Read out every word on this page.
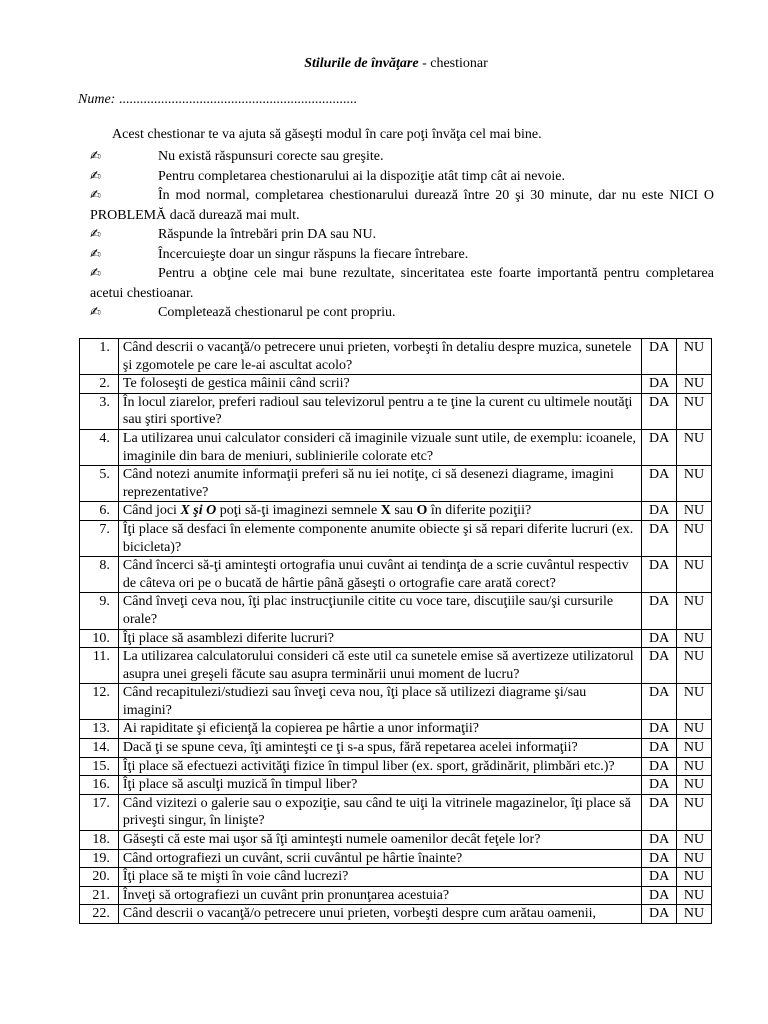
Stilurile de învăţare - chestionar
Nume: ....................................................................
Acest chestionar te va ajuta să găseşti modul în care poţi învăţa cel mai bine.
✍	Nu există răspunsuri corecte sau greşite.
✍	Pentru completarea chestionarului ai la dispoziţie atât timp cât ai nevoie.
✍	În mod normal, completarea chestionarului durează între 20 şi 30 minute, dar nu este NICI O PROBLEMĂ dacă durează mai mult.
✍	Răspunde la întrebări prin DA sau NU.
✍	Încercuieşte doar un singur răspuns la fiecare întrebare.
✍	Pentru a obţine cele mai bune rezultate, sinceritatea este foarte importantă pentru completarea acetui chestioanar.
✍	Completează chestionarul pe cont propriu.
1.	Când descrii o vacanţă/o petrecere unui prieten, vorbeşti în detaliu despre muzica, sunetele şi zgomotele pe care le-ai ascultat acolo?	DA	NU
2.	Te foloseşti de gestica mâinii când scrii?	DA	NU
3.	În locul ziarelor, preferi radioul sau televizorul pentru a te ţine la curent cu ultimele noutăţi sau ştiri sportive?	DA	NU
4.	La utilizarea unui calculator consideri că imaginile vizuale sunt utile, de exemplu: icoanele, imaginile din bara de meniuri, sublinierile colorate etc?	DA	NU
5.	Când notezi anumite informaţii preferi să nu iei notiţe, ci să desenezi diagrame, imagini reprezentative?	DA	NU
6.	Când joci X şi O poţi să-ţi imaginezi semnele X sau O în diferite poziţii?	DA	NU
7.	Îţi place să desfaci în elemente componente anumite obiecte şi să repari diferite lucruri (ex. bicicleta)?	DA	NU
8.	Când încerci să-ţi aminteşti ortografia unui cuvânt ai tendinţa de a scrie cuvântul respectiv de câteva ori pe o bucată de hârtie până găseşti o ortografie care arată corect?	DA	NU
9.	Când înveţi ceva nou, îţi plac instrucţiunile citite cu voce tare, discuţiile sau/şi cursurile orale?	DA	NU
10.	Îţi place să asamblezi diferite lucruri?	DA	NU
11.	La utilizarea calculatorului consideri că este util ca sunetele emise să avertizeze utilizatorul asupra unei greşeli făcute sau asupra terminării unui moment de lucru?	DA	NU
12.	Când recapitulezi/studiezi sau înveţi ceva nou, îţi place să utilizezi diagrame şi/sau imagini?	DA	NU
13.	Ai rapiditate şi eficienţă la copierea pe hârtie a unor informaţii?	DA	NU
14.	Dacă ţi se spune ceva, îţi aminteşti ce ţi s-a spus, fără repetarea acelei informaţii?	DA	NU
15.	Îţi place să efectuezi activităţi fizice în timpul liber (ex. sport, grădinărit, plimbări etc.)?	DA	NU
16.	Îţi place să asculţi muzică în timpul liber?	DA	NU
17.	Când vizitezi o galerie sau o expoziţie, sau când te uiţi la vitrinele magazinelor, îţi place să priveşti singur, în linişte?	DA	NU
18.	Găseşti că este mai uşor să îţi aminteşti numele oamenilor decât feţele lor?	DA	NU
19.	Când ortografiezi un cuvânt, scrii cuvântul pe hârtie înainte?	DA	NU
20.	Îţi place să te mişti în voie când lucrezi?	DA	NU
21.	Înveţi să ortografiezi un cuvânt prin pronunţarea acestuia?	DA	NU
22.	Când descrii o vacanţă/o petrecere unui prieten, vorbeşti despre cum arătau oamenii,	DA	NU
